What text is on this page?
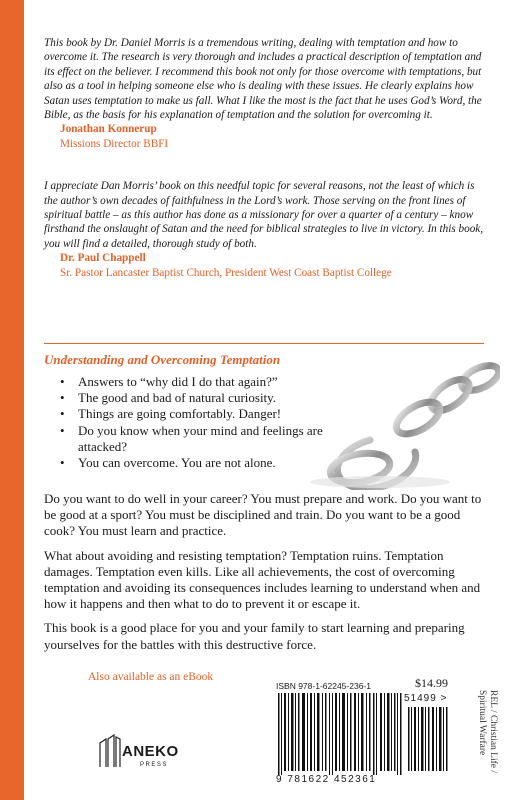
This book by Dr. Daniel Morris is a tremendous writing, dealing with temptation and how to overcome it. The research is very thorough and includes a practical description of temptation and its effect on the believer. I recommend this book not only for those overcome with temptations, but also as a tool in helping someone else who is dealing with these issues. He clearly explains how Satan uses temptation to make us fall. What I like the most is the fact that he uses God’s Word, the Bible, as the basis for his explanation of temptation and the solution for overcoming it.

Jonathan Konnerup

Missions Director BBFI

I appreciate Dan Morris’ book on this needful topic for several reasons, not the least of which is the author’s own decades of faithfulness in the Lord’s work. Those serving on the front lines of spiritual battle – as this author has done as a missionary for over a quarter of a century – know firsthand the onslaught of Satan and the need for biblical strategies to live in victory. In this book, you will find a detailed, thorough study of both.

Dr. Paul Chappell

Sr. Pastor Lancaster Baptist Church, President West Coast Baptist College

Understanding and Overcoming Temptation

• Answers to “why did I do that again?”
• The good and bad of natural curiosity.
• Things are going comfortably. Danger!
• Do you know when your mind and feelings are attacked?
• You can overcome. You are not alone.

Do you want to do well in your career? You must prepare and work. Do you want to be good at a sport? You must be disciplined and train. Do you want to be a good cook? You must learn and practice.

What about avoiding and resisting temptation? Temptation ruins. Temptation damages. Temptation even kills. Like all achievements, the cost of overcoming temptation and avoiding its consequences includes learning to understand when and how it happens and then what to do to prevent it or escape it.

This book is a good place for you and your family to start learning and preparing yourselves for the battles with this destructive force.

Also available as an eBook	$14.99
ISBN 978-1-62245-236-1
51499 >
9 781622 452361
REL / Christian Life / Spiritual Warfare
ANEKO
PRESS
